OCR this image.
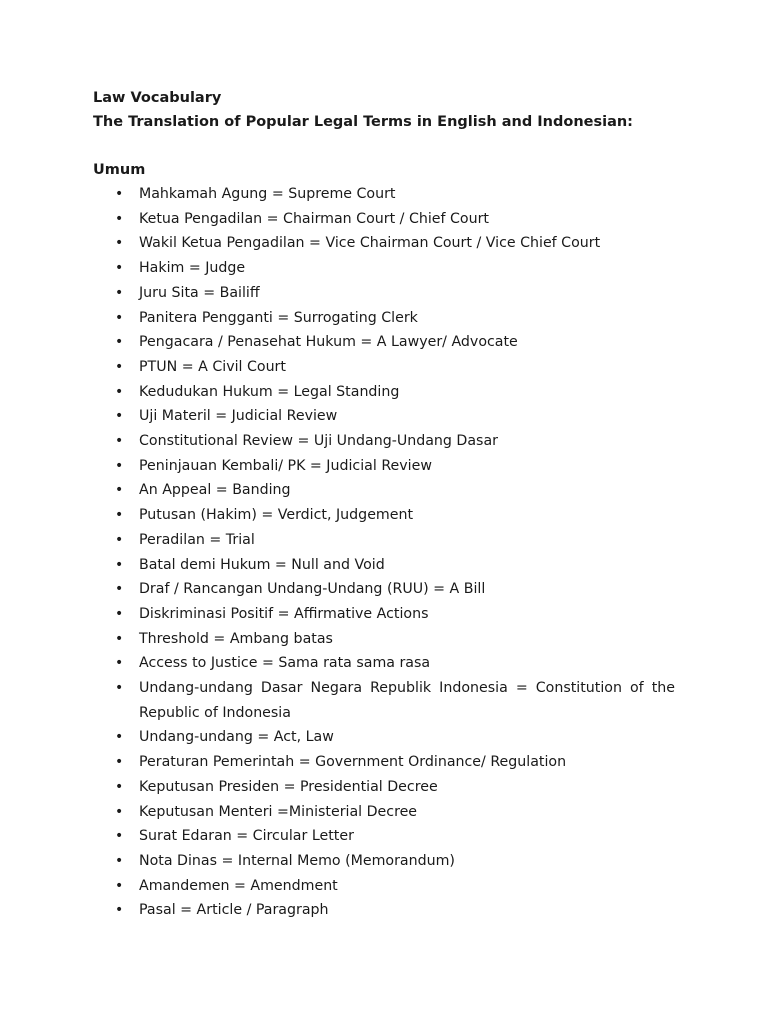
Law Vocabulary

The Translation of Popular Legal Terms in English and Indonesian:

Umum

• Mahkamah Agung = Supreme Court
• Ketua Pengadilan = Chairman Court / Chief Court
• Wakil Ketua Pengadilan = Vice Chairman Court / Vice Chief Court
• Hakim = Judge
• Juru Sita = Bailiff
• Panitera Pengganti = Surrogating Clerk
• Pengacara / Penasehat Hukum = A Lawyer/ Advocate
• PTUN = A Civil Court
• Kedudukan Hukum = Legal Standing
• Uji Materil = Judicial Review
• Constitutional Review = Uji Undang-Undang Dasar
• Peninjauan Kembali/ PK = Judicial Review
• An Appeal = Banding
• Putusan (Hakim) = Verdict, Judgement
• Peradilan = Trial
• Batal demi Hukum = Null and Void
• Draf / Rancangan Undang-Undang (RUU) = A Bill
• Diskriminasi Positif = Affirmative Actions
• Threshold = Ambang batas
• Access to Justice = Sama rata sama rasa
• Undang-undang Dasar Negara Republik Indonesia = Constitution of the
Republic of Indonesia
• Undang-undang = Act, Law
• Peraturan Pemerintah = Government Ordinance/ Regulation
• Keputusan Presiden = Presidential Decree
• Keputusan Menteri =Ministerial Decree
• Surat Edaran = Circular Letter
• Nota Dinas = Internal Memo (Memorandum)
• Amandemen = Amendment
• Pasal = Article / Paragraph
